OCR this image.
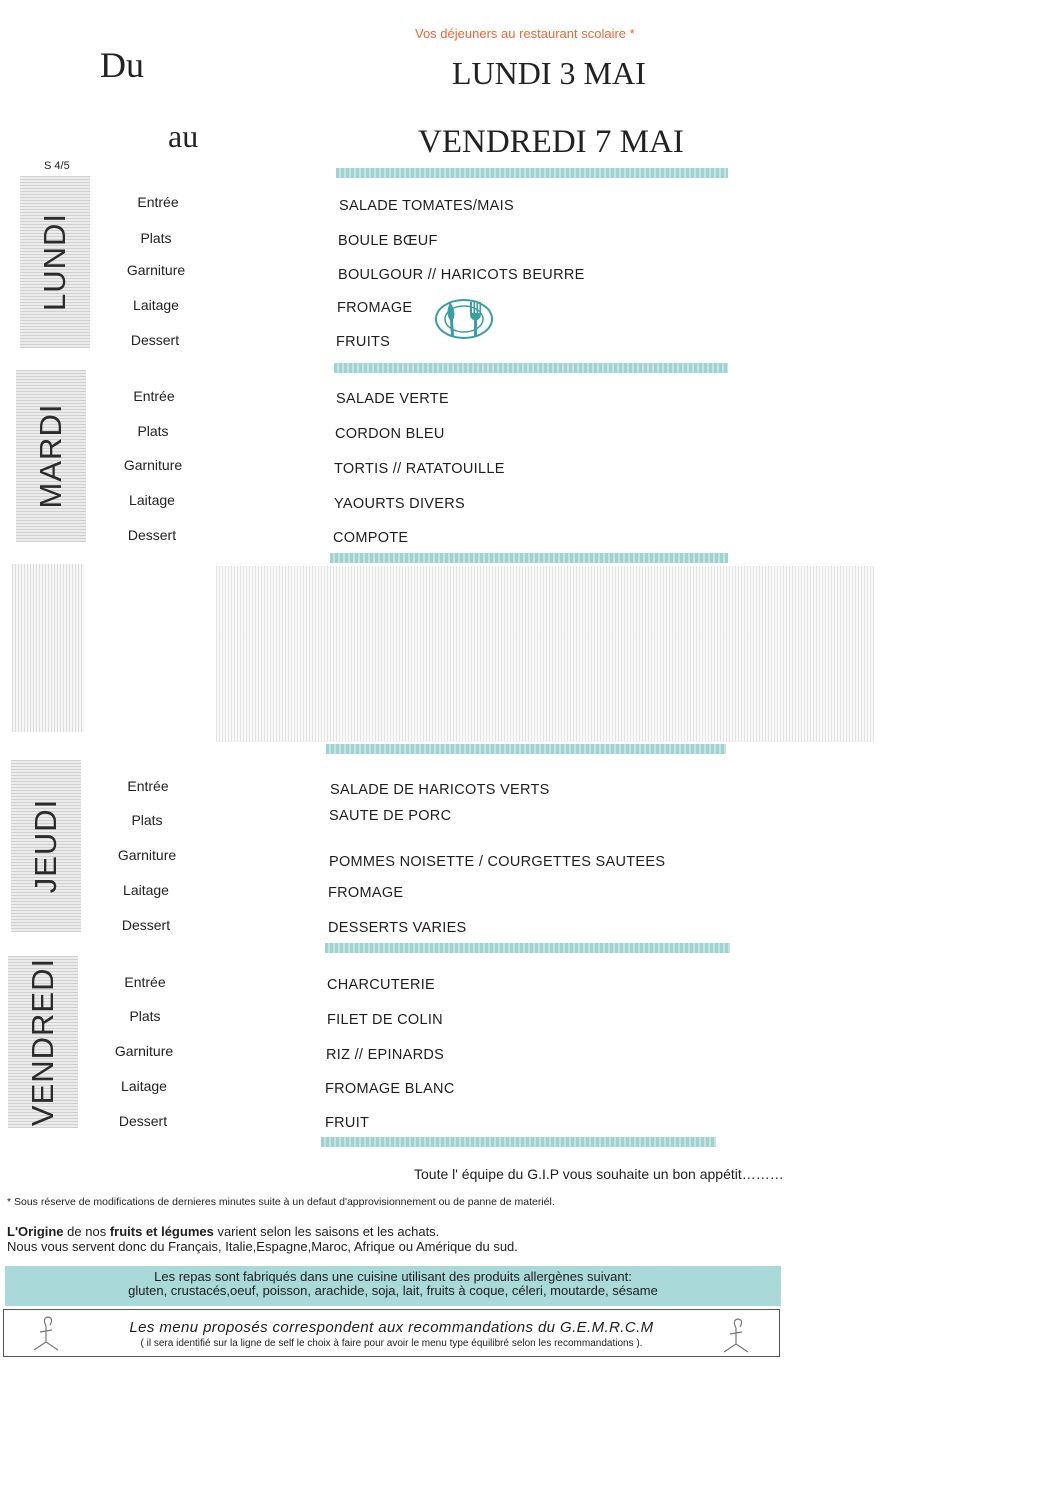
Vos déjeuners au restaurant scolaire *
Du
au
LUNDI 3 MAI
VENDREDI 7 MAI
S 4/5
LUNDI
Entrée
Plats
Garniture
Laitage
Dessert
SALADE TOMATES/MAIS
BOULE BŒUF
BOULGOUR // HARICOTS BEURRE
FROMAGE
FRUITS
MARDI
Entrée
Plats
Garniture
Laitage
Dessert
SALADE VERTE
CORDON BLEU
TORTIS // RATATOUILLE
YAOURTS DIVERS
COMPOTE
JEUDI
Entrée
Plats
Garniture
Laitage
Dessert
SALADE DE HARICOTS VERTS
SAUTE DE PORC
POMMES NOISETTE / COURGETTES SAUTEES
FROMAGE
DESSERTS VARIES
VENDREDI	Entrée
Plats
Garniture
Laitage
Dessert
CHARCUTERIE
FILET DE COLIN
RIZ // EPINARDS
FROMAGE BLANC
FRUIT
Toute l' équipe du G.I.P vous souhaite un bon appétit………
* Sous réserve de modifications de dernieres minutes suite à un defaut d'approvisionnement ou de panne de materiél.
L'Origine de nos fruits et légumes varient selon les saisons et les achats.
Nous vous servent donc du Français, Italie,Espagne,Maroc, Afrique ou Amérique du sud.
Les repas sont fabriqués dans une cuisine utilisant des produits allergènes suivant:
gluten, crustacés,oeuf, poisson, arachide, soja, lait, fruits à coque, céleri, moutarde, sésame
Les menu proposés correspondent aux recommandations du G.E.M.R.C.M
( il sera identifié sur la ligne de self le choix à faire pour avoir le menu type équilibré selon les recommandations ).
